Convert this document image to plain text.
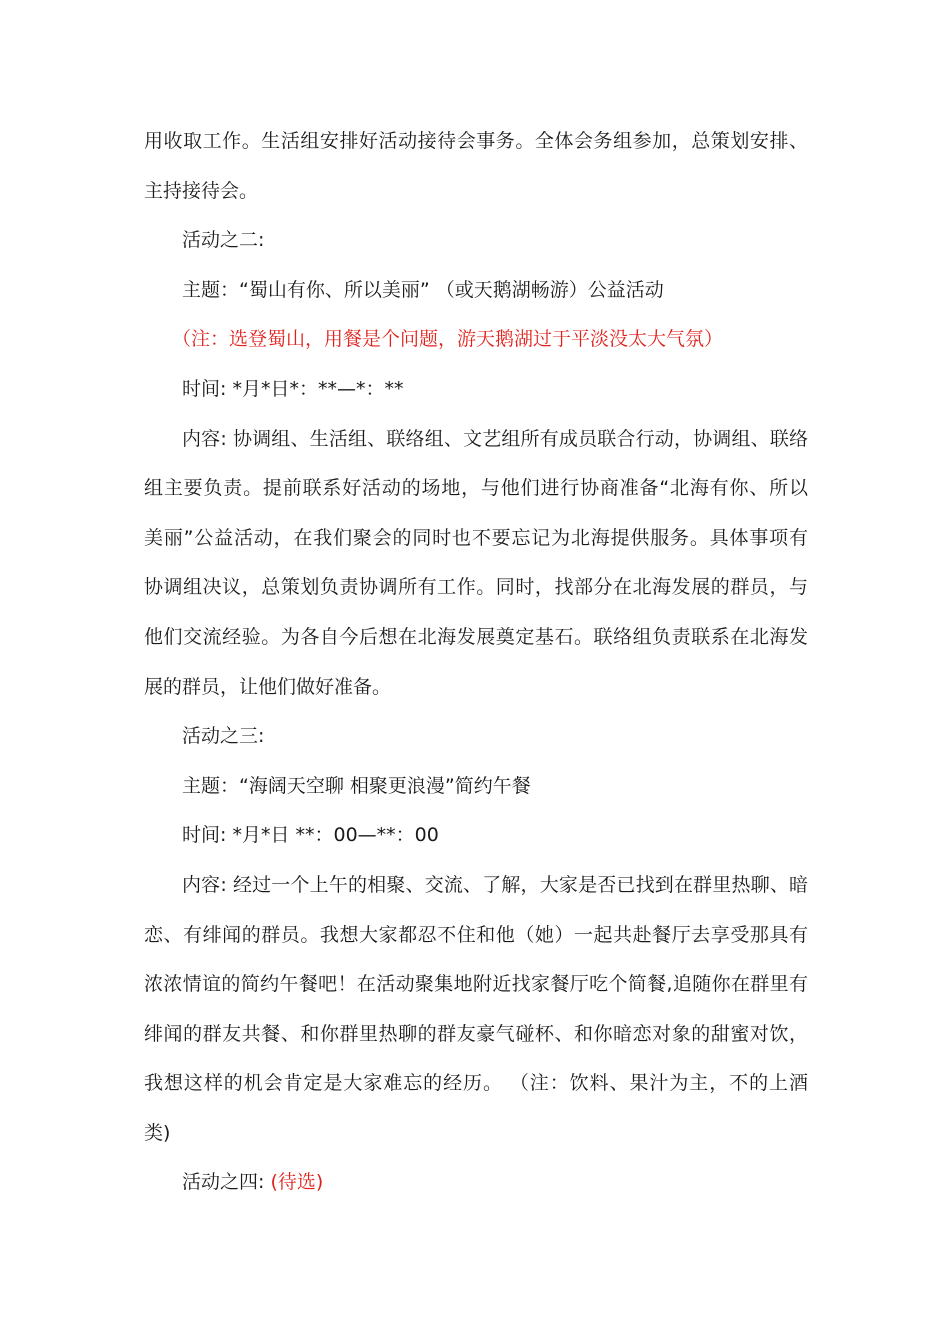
用收取工作。生活组安排好活动接待会事务。全体会务组参加，总策划安排、
主持接待会。
活动之二:
主题：“蜀山有你、所以美丽” （或天鹅湖畅游）公益活动
（注：选登蜀山，用餐是个问题，游天鹅湖过于平淡没太大气氛）
时间: *月*日*：**—*：**
内容: 协调组、生活组、联络组、文艺组所有成员联合行动，协调组、联络
组主要负责。提前联系好活动的场地，与他们进行协商准备“北海有你、所以
美丽”公益活动，在我们聚会的同时也不要忘记为北海提供服务。具体事项有
协调组决议，总策划负责协调所有工作。同时，找部分在北海发展的群员，与
他们交流经验。为各自今后想在北海发展奠定基石。联络组负责联系在北海发
展的群员，让他们做好准备。
活动之三:
主题：“海阔天空聊 相聚更浪漫”简约午餐
时间: *月*日 **：00—**：00
内容: 经过一个上午的相聚、交流、了解，大家是否已找到在群里热聊、暗
恋、有绯闻的群员。我想大家都忍不住和他（她）一起共赴餐厅去享受那具有
浓浓情谊的简约午餐吧！在活动聚集地附近找家餐厅吃个简餐,追随你在群里有
绯闻的群友共餐、和你群里热聊的群友豪气碰杯、和你暗恋对象的甜蜜对饮，
我想这样的机会肯定是大家难忘的经历。 （注：饮料、果汁为主，不的上酒
类)
活动之四: (待选)
